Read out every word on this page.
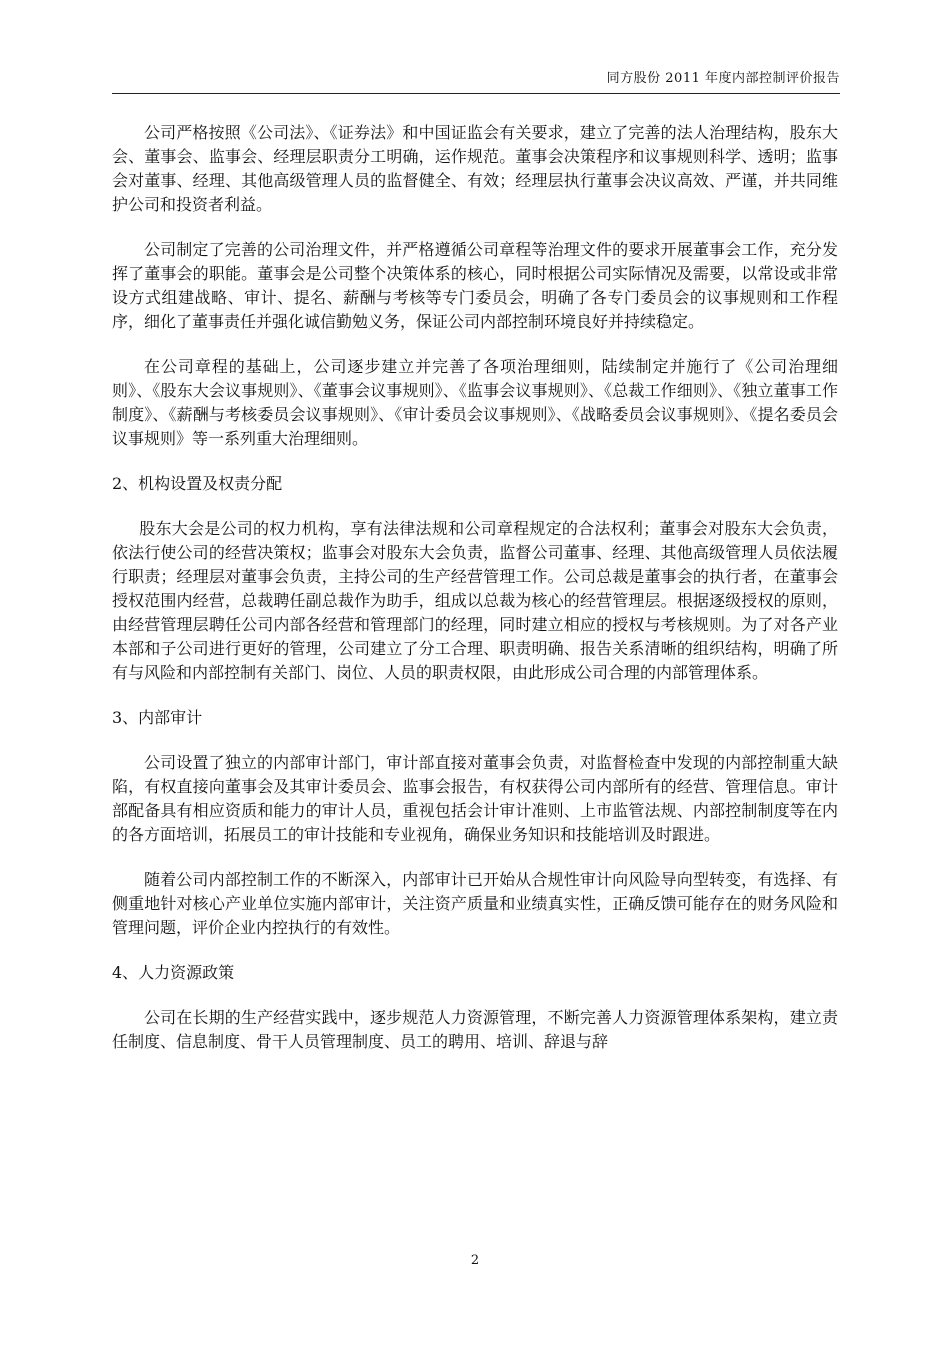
同方股份 2011 年度内部控制评价报告

公司严格按照《公司法》、《证券法》和中国证监会有关要求，建立了完善的法人治理结构，股东大会、董事会、监事会、经理层职责分工明确，运作规范。董事会决策程序和议事规则科学、透明；监事会对董事、经理、其他高级管理人员的监督健全、有效；经理层执行董事会决议高效、严谨，并共同维护公司和投资者利益。

公司制定了完善的公司治理文件，并严格遵循公司章程等治理文件的要求开展董事会工作，充分发挥了董事会的职能。董事会是公司整个决策体系的核心，同时根据公司实际情况及需要，以常设或非常设方式组建战略、审计、提名、薪酬与考核等专门委员会，明确了各专门委员会的议事规则和工作程序，细化了董事责任并强化诚信勤勉义务，保证公司内部控制环境良好并持续稳定。

在公司章程的基础上，公司逐步建立并完善了各项治理细则，陆续制定并施行了《公司治理细则》、《股东大会议事规则》、《董事会议事规则》、《监事会议事规则》、《总裁工作细则》、《独立董事工作制度》、《薪酬与考核委员会议事规则》、《审计委员会议事规则》、《战略委员会议事规则》、《提名委员会议事规则》等一系列重大治理细则。

2、机构设置及权责分配

股东大会是公司的权力机构，享有法律法规和公司章程规定的合法权利；董事会对股东大会负责，依法行使公司的经营决策权；监事会对股东大会负责，监督公司董事、经理、其他高级管理人员依法履行职责；经理层对董事会负责，主持公司的生产经营管理工作。公司总裁是董事会的执行者，在董事会授权范围内经营，总裁聘任副总裁作为助手，组成以总裁为核心的经营管理层。根据逐级授权的原则，由经营管理层聘任公司内部各经营和管理部门的经理，同时建立相应的授权与考核规则。为了对各产业本部和子公司进行更好的管理，公司建立了分工合理、职责明确、报告关系清晰的组织结构，明确了所有与风险和内部控制有关部门、岗位、人员的职责权限，由此形成公司合理的内部管理体系。

3、内部审计

公司设置了独立的内部审计部门，审计部直接对董事会负责，对监督检查中发现的内部控制重大缺陷，有权直接向董事会及其审计委员会、监事会报告，有权获得公司内部所有的经营、管理信息。审计部配备具有相应资质和能力的审计人员，重视包括会计审计准则、上市监管法规、内部控制制度等在内的各方面培训，拓展员工的审计技能和专业视角，确保业务知识和技能培训及时跟进。

随着公司内部控制工作的不断深入，内部审计已开始从合规性审计向风险导向型转变，有选择、有侧重地针对核心产业单位实施内部审计，关注资产质量和业绩真实性，正确反馈可能存在的财务风险和管理问题，评价企业内控执行的有效性。

4、人力资源政策

公司在长期的生产经营实践中，逐步规范人力资源管理，不断完善人力资源管理体系架构，建立责任制度、信息制度、骨干人员管理制度、员工的聘用、培训、辞退与辞

2
